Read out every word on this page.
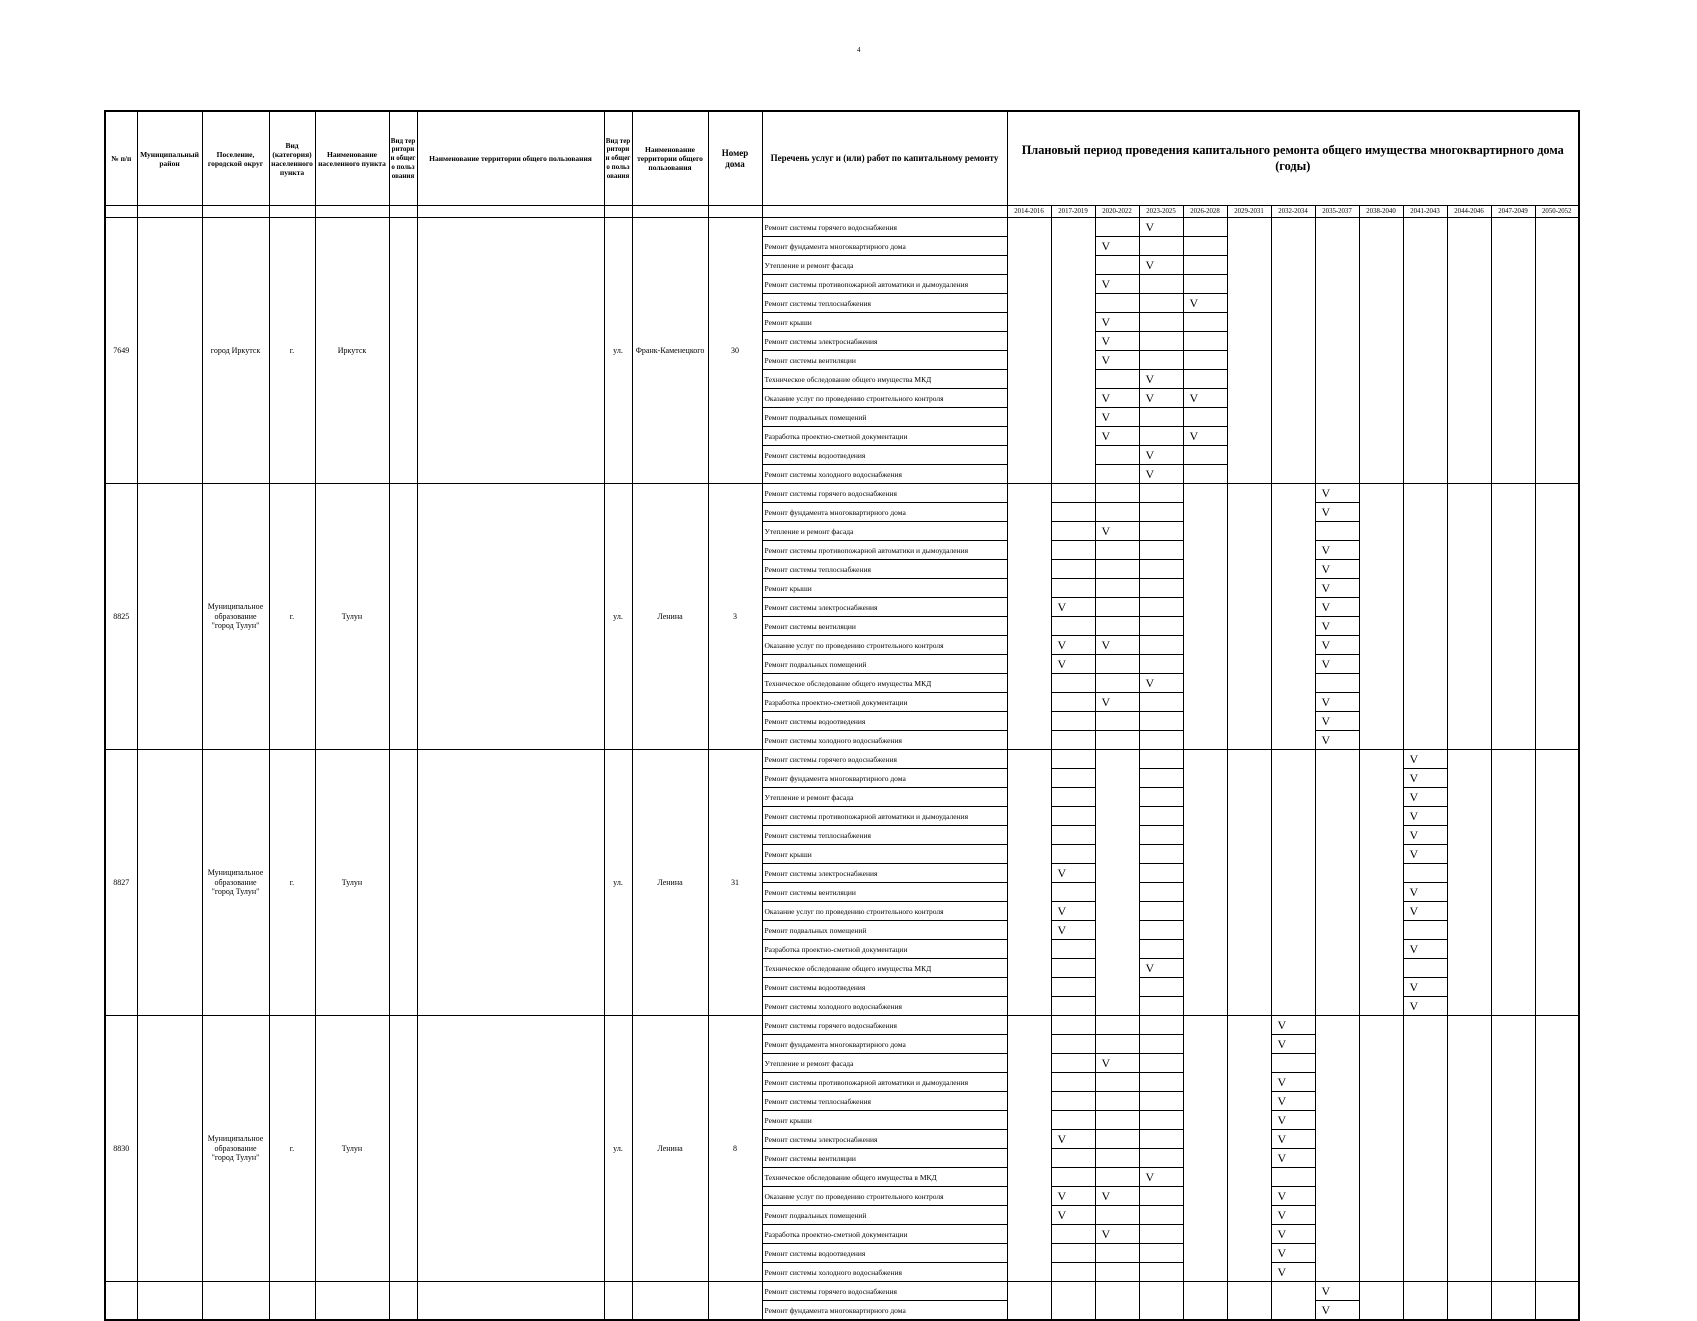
4
№ п/п	Муниципальный район	Поселение, городской округ	Вид (категория) населенного пункта	Наименование населенного пункта	Вид территории общего пользования	Наименование территории общего пользования	Вид территории общего пользования	Наименование территории общего пользования	Номер дома	Перечень услуг и (или) работ по капитальному ремонту	Плановый период проведения капитального ремонта общего имущества многоквартирного дома (годы)												
											2014-2016	2017-2019	2020-2022	2023-2025	2026-2028	2029-2031	2032-2034	2035-2037	2038-2040	2041-2043	2044-2046	2047-2049	2050-2052
7649		город Иркутск	г.	Иркутск			ул.	Франк-Каменецкого	30	Ремонт системы горячего водоснабжения				V									
										Ремонт фундамента многоквартирного дома			V										
										Утепление и ремонт фасада				V									
										Ремонт системы противопожарной автоматики и дымоудаления			V										
										Ремонт системы теплоснабжения					V								
										Ремонт крыши			V										
										Ремонт системы электроснабжения			V										
										Ремонт системы вентиляции			V										
										Техническое обследование общего имущества МКД				V									
										Оказание услуг по проведению строительного контроля			V	V	V								
										Ремонт подвальных помещений			V										
										Разработка проектно-сметной документации			V		V								
										Ремонт системы водоотведения				V									
										Ремонт системы холодного водоснабжения				V									
8825		Муниципальное образование "город Тулун"	г.	Тулун			ул.	Ленина	3	Ремонт системы горячего водоснабжения								V					
										Ремонт фундамента многоквартирного дома								V					
										Утепление и ремонт фасада			V										
										Ремонт системы противопожарной автоматики и дымоудаления								V					
										Ремонт системы теплоснабжения								V					
										Ремонт крыши								V					
										Ремонт системы электроснабжения		V						V					
										Ремонт системы вентиляции								V					
										Оказание услуг по проведению строительного контроля		V	V					V					
										Ремонт подвальных помещений		V						V					
										Техническое обследование общего имущества МКД				V									
										Разработка проектно-сметной документации			V					V					
										Ремонт системы водоотведения								V					
										Ремонт системы холодного водоснабжения								V					
8827		Муниципальное образование "город Тулун"	г.	Тулун			ул.	Ленина	31	Ремонт системы горячего водоснабжения										V			
										Ремонт фундамента многоквартирного дома										V			
										Утепление и ремонт фасада										V			
										Ремонт системы противопожарной автоматики и дымоудаления										V			
										Ремонт системы теплоснабжения										V			
										Ремонт крыши										V			
										Ремонт системы электроснабжения		V											
										Ремонт системы вентиляции										V			
										Оказание услуг по проведению строительного контроля		V								V			
										Ремонт подвальных помещений		V											
										Разработка проектно-сметной документации										V			
										Техническое обследование общего имущества МКД				V									
										Ремонт системы водоотведения										V			
										Ремонт системы холодного водоснабжения										V			
8830		Муниципальное образование "город Тулун"	г.	Тулун			ул.	Ленина	8	Ремонт системы горячего водоснабжения							V						
										Ремонт фундамента многоквартирного дома							V						
										Утепление и ремонт фасада			V										
										Ремонт системы противопожарной автоматики и дымоудаления							V						
										Ремонт системы теплоснабжения							V						
										Ремонт крыши							V						
										Ремонт системы электроснабжения		V					V						
										Ремонт системы вентиляции							V						
										Техническое обследование общего имущества в МКД				V									
										Оказание услуг по проведению строительного контроля		V	V				V						
										Ремонт подвальных помещений		V					V						
										Разработка проектно-сметной документации			V				V						
										Ремонт системы водоотведения							V						
										Ремонт системы холодного водоснабжения							V						
										Ремонт системы горячего водоснабжения								V					
										Ремонт фундамента многоквартирного дома								V					
